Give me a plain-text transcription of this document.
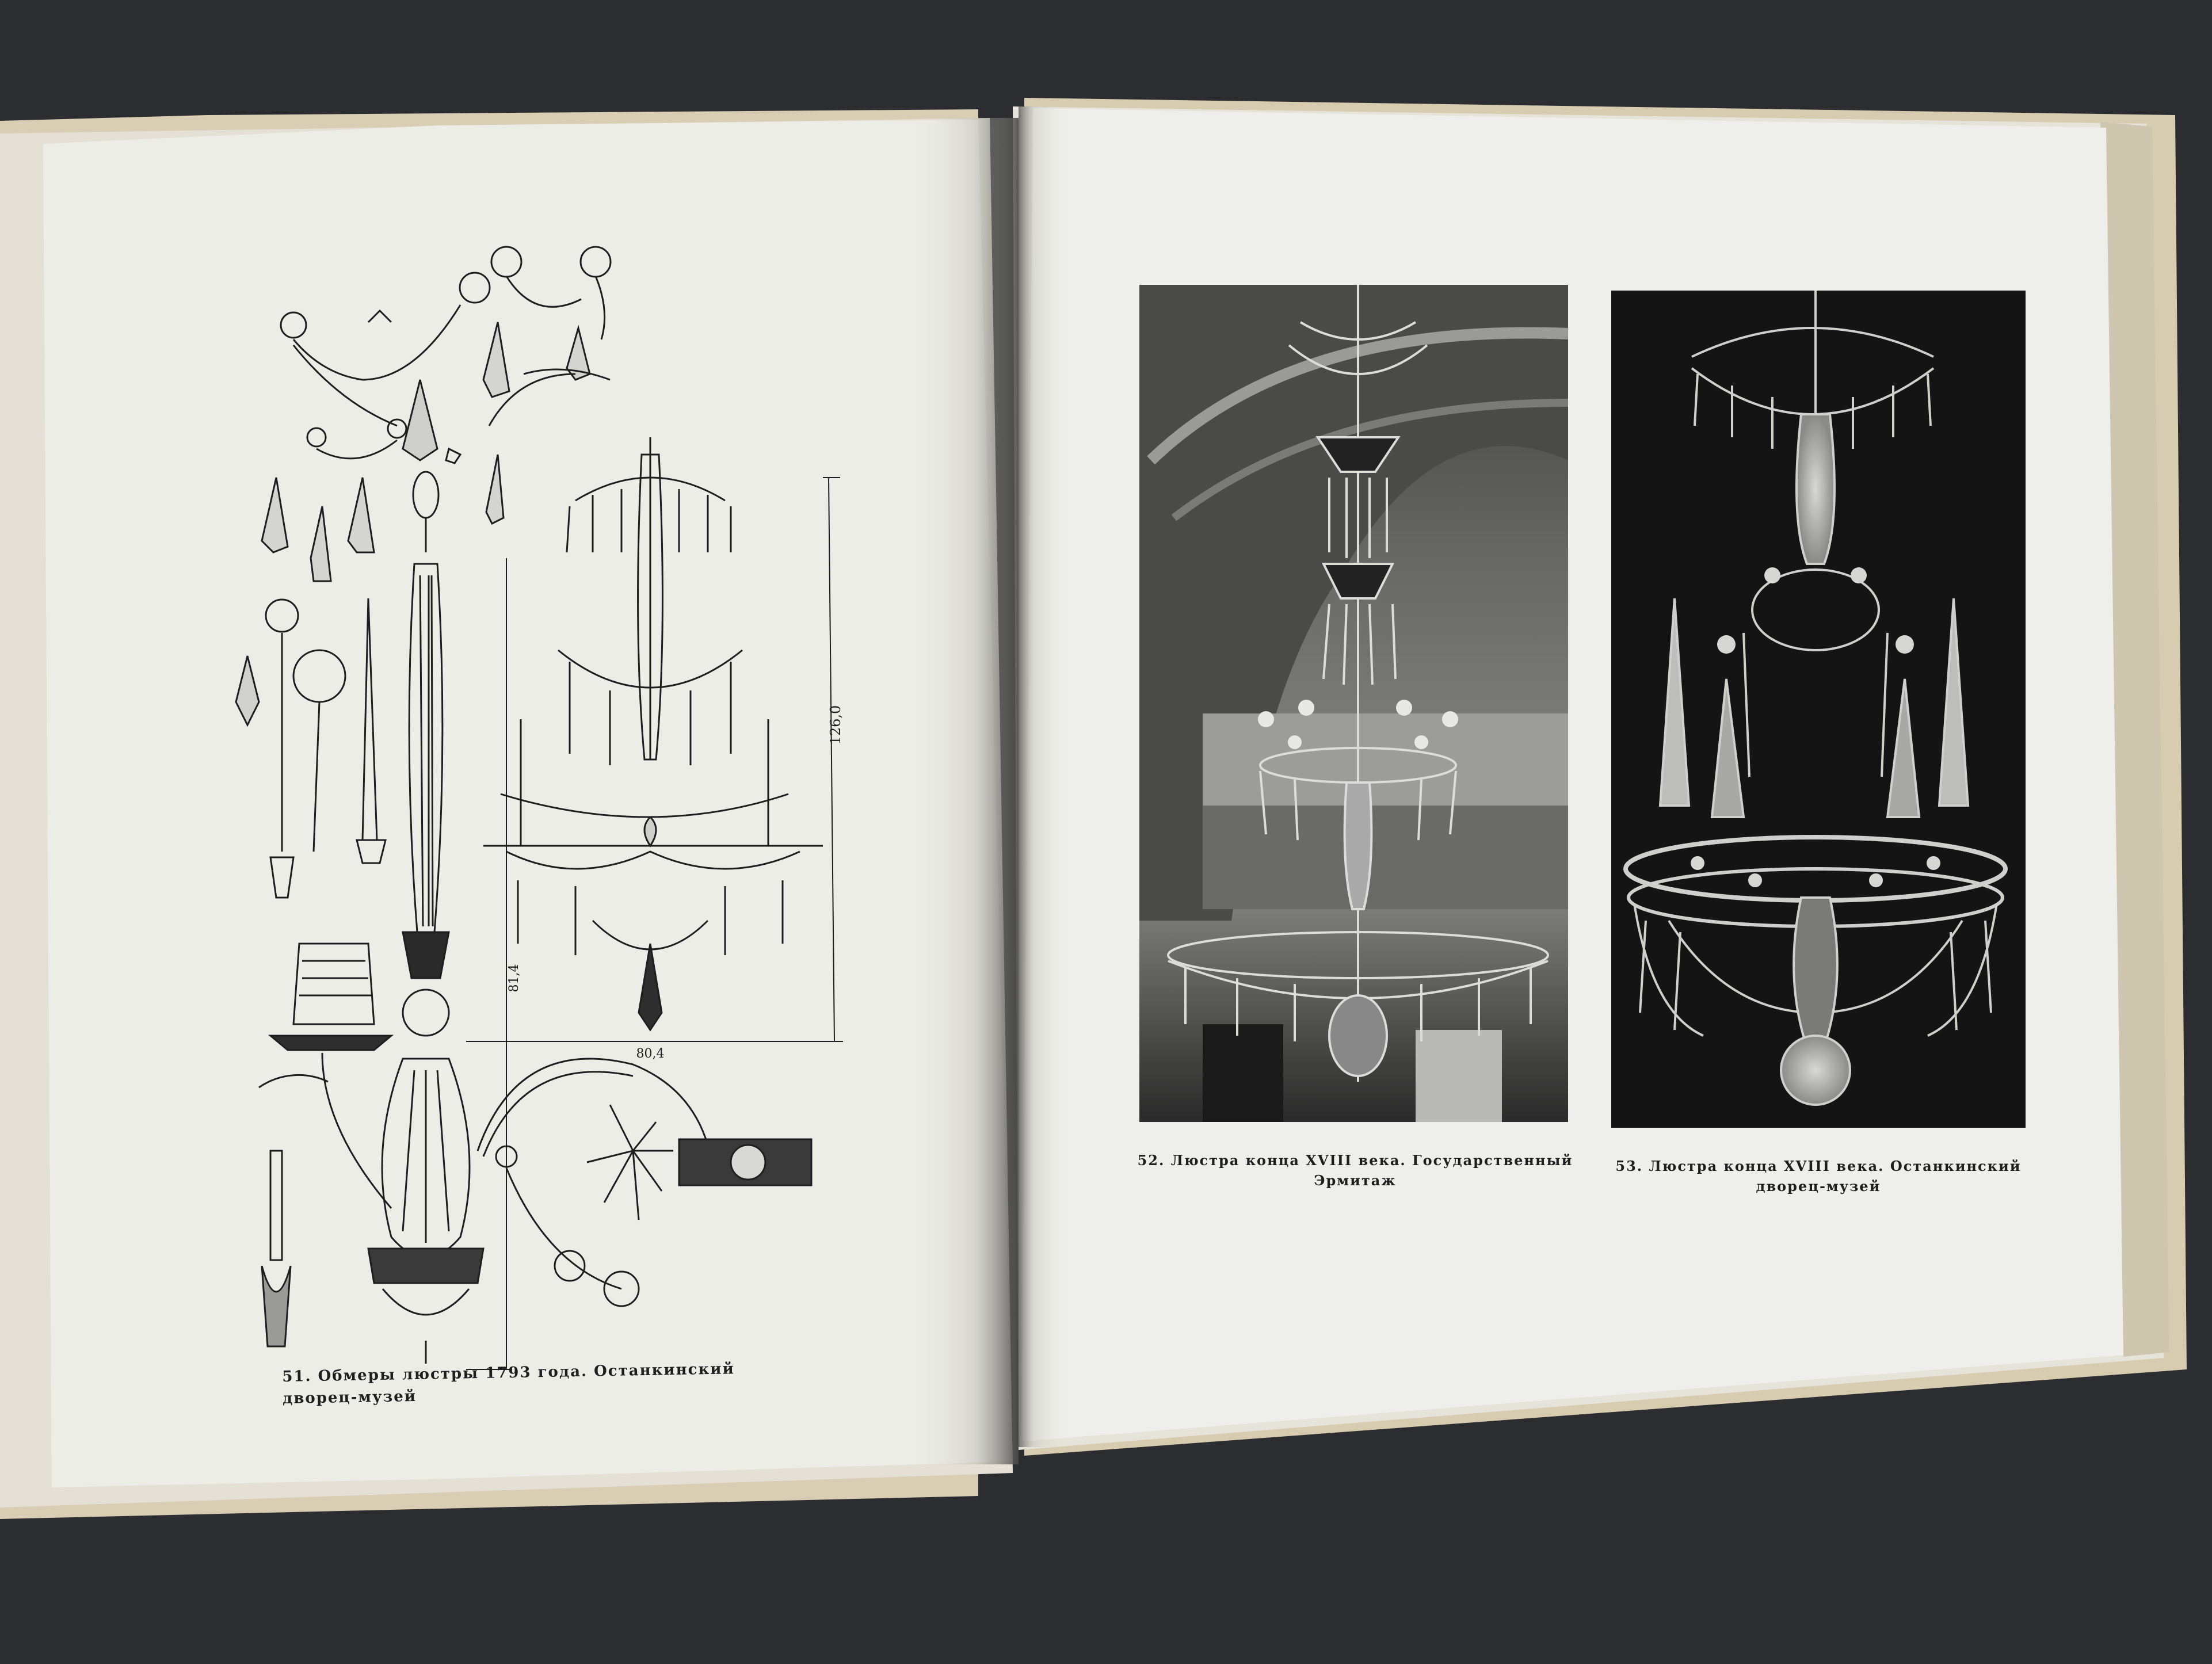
126,0
81,4
80,4
51. Обмеры люстры 1793 года. Останкинский дворец-музей
52. Люстра конца XVIII века. Государственный Эрмитаж
53. Люстра конца XVIII века. Останкинский дворец-музей
